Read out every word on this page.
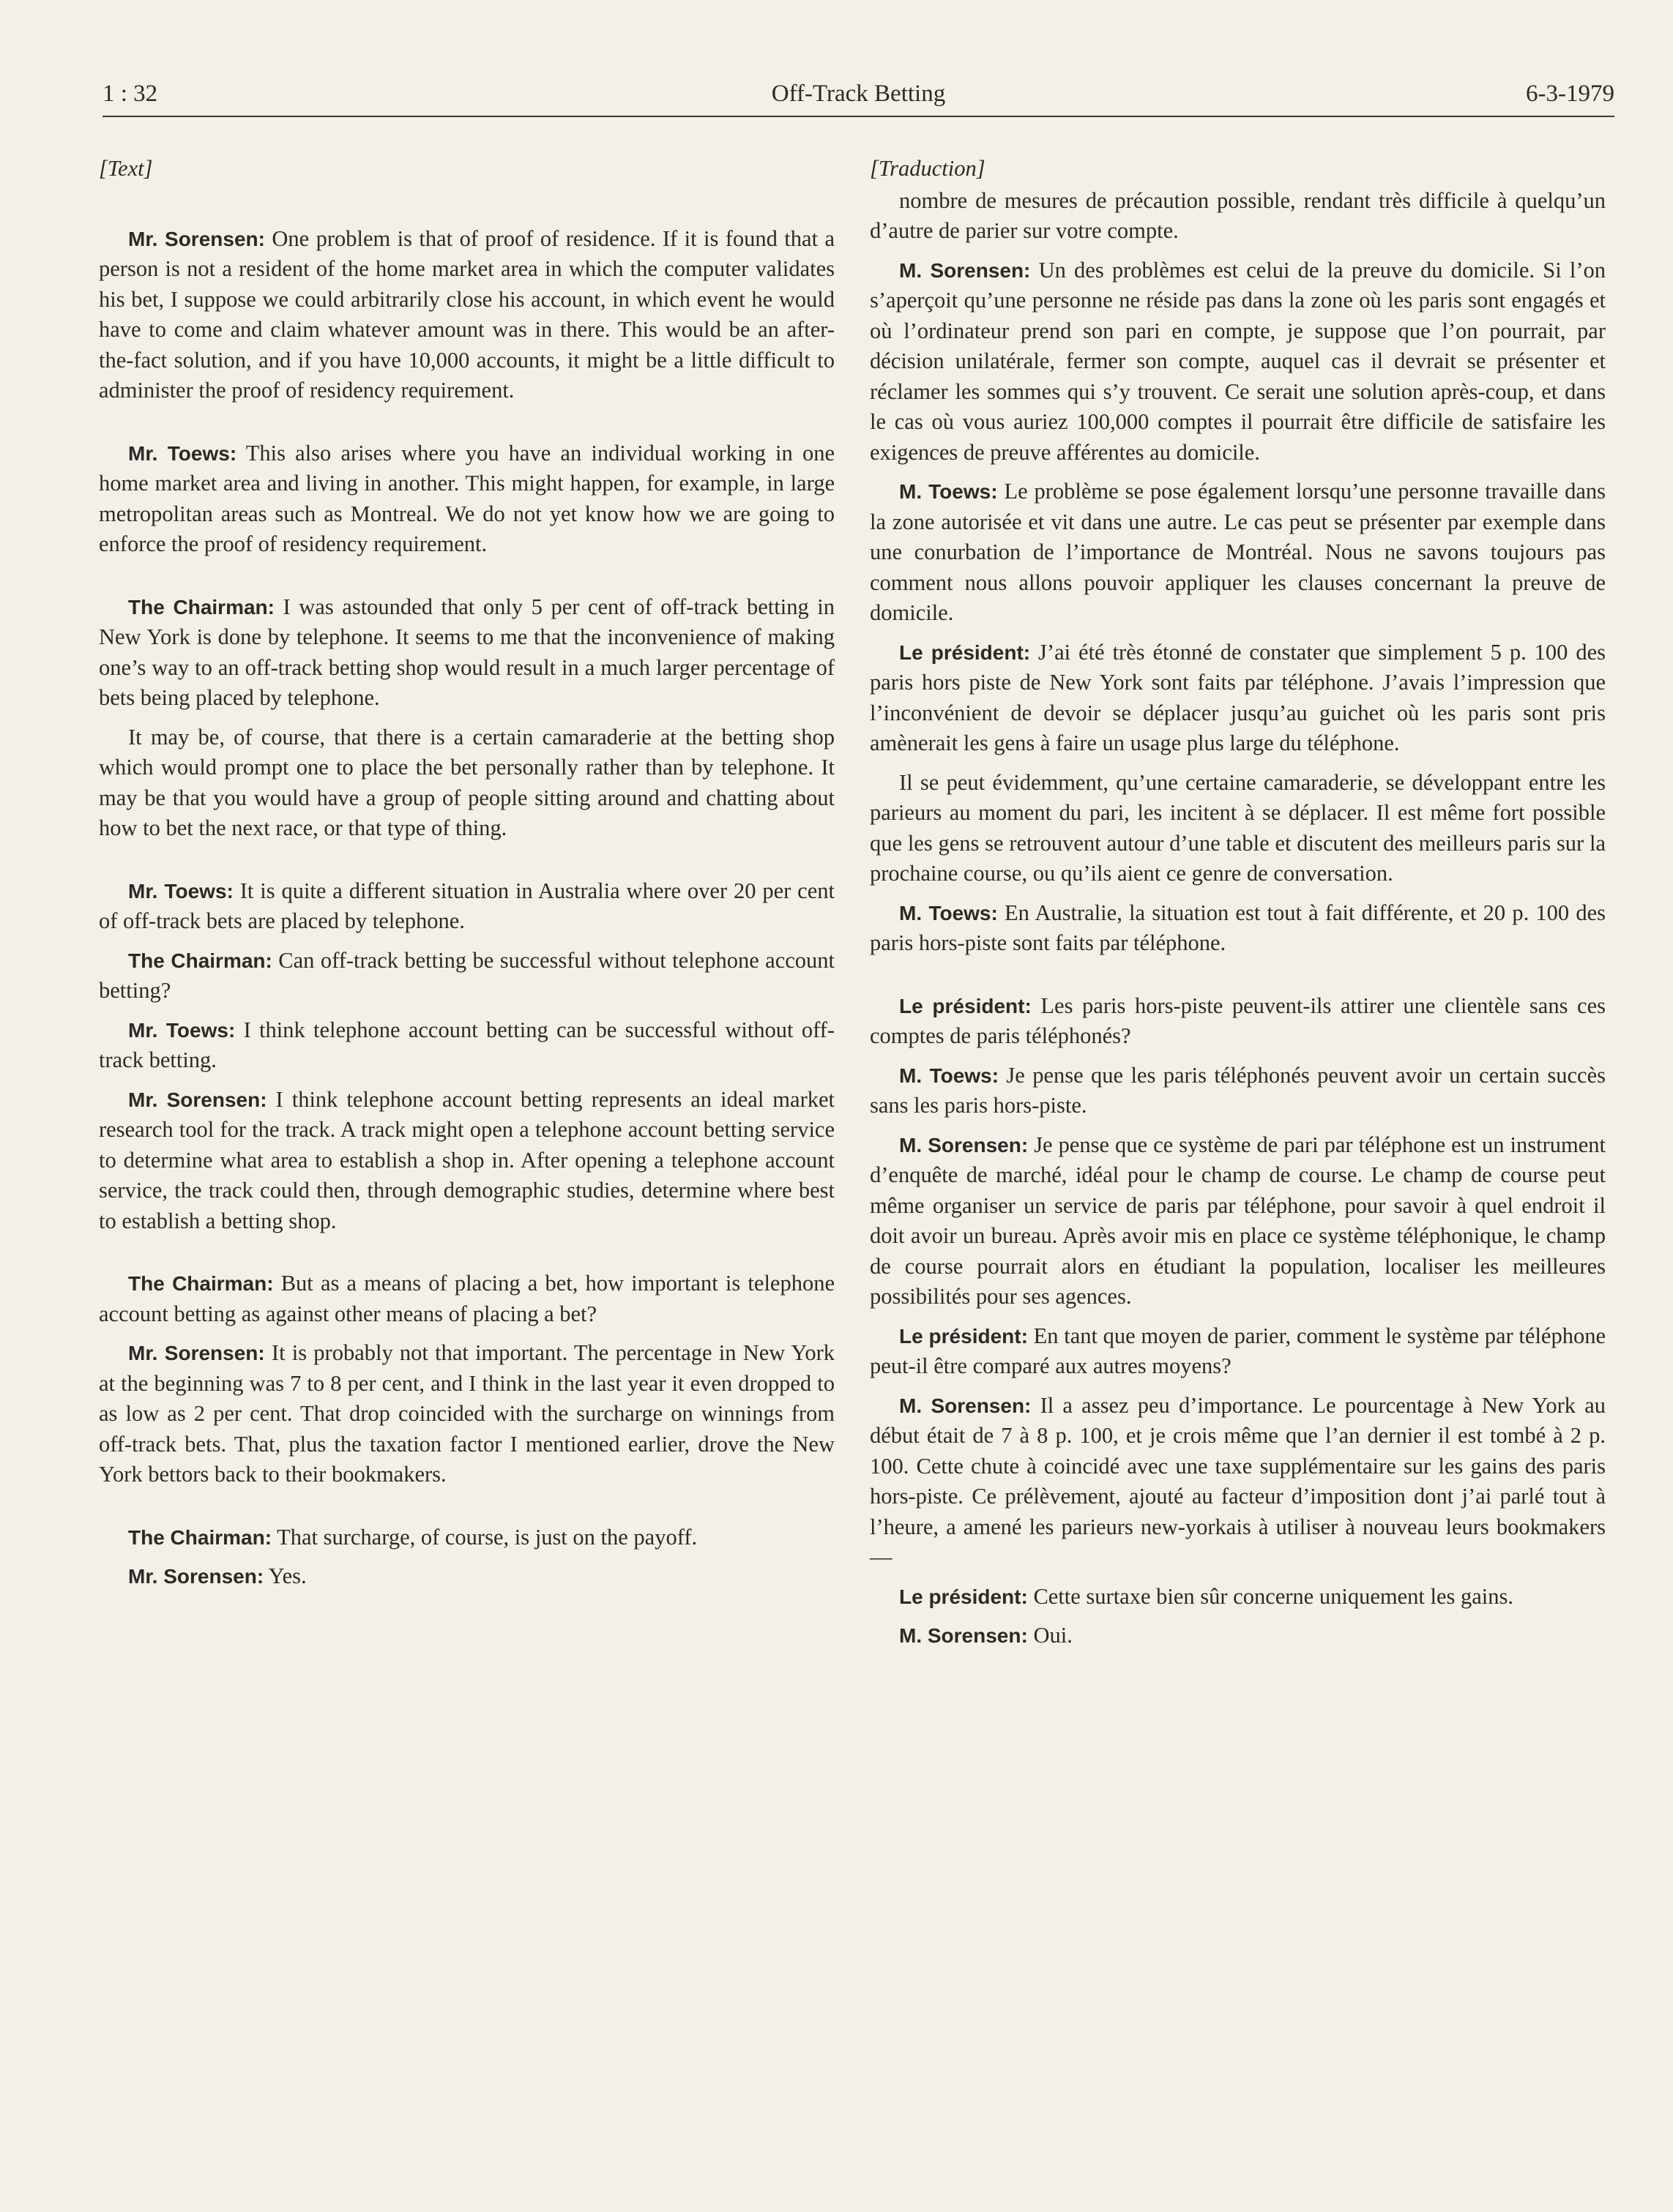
1 : 32	Off-Track Betting	6-3-1979
[Text]

Mr. Sorensen: One problem is that of proof of residence. If it is found that a person is not a resident of the home market area in which the computer validates his bet, I suppose we could arbitrarily close his account, in which event he would have to come and claim whatever amount was in there. This would be an after-the-fact solution, and if you have 10,000 accounts, it might be a little difficult to administer the proof of residency requirement.

Mr. Toews: This also arises where you have an individual working in one home market area and living in another. This might happen, for example, in large metropolitan areas such as Montreal. We do not yet know how we are going to enforce the proof of residency requirement.

The Chairman: I was astounded that only 5 per cent of off-track betting in New York is done by telephone. It seems to me that the inconvenience of making one’s way to an off-track betting shop would result in a much larger percentage of bets being placed by telephone.

It may be, of course, that there is a certain camaraderie at the betting shop which would prompt one to place the bet personally rather than by telephone. It may be that you would have a group of people sitting around and chatting about how to bet the next race, or that type of thing.

Mr. Toews: It is quite a different situation in Australia where over 20 per cent of off-track bets are placed by telephone.

The Chairman: Can off-track betting be successful without telephone account betting?

Mr. Toews: I think telephone account betting can be successful without off-track betting.

Mr. Sorensen: I think telephone account betting represents an ideal market research tool for the track. A track might open a telephone account betting service to determine what area to establish a shop in. After opening a telephone account service, the track could then, through demographic studies, determine where best to establish a betting shop.

The Chairman: But as a means of placing a bet, how important is telephone account betting as against other means of placing a bet?

Mr. Sorensen: It is probably not that important. The percentage in New York at the beginning was 7 to 8 per cent, and I think in the last year it even dropped to as low as 2 per cent. That drop coincided with the surcharge on winnings from off-track bets. That, plus the taxation factor I mentioned earlier, drove the New York bettors back to their bookmakers.

The Chairman: That surcharge, of course, is just on the payoff.

Mr. Sorensen: Yes.

[Traduction]

nombre de mesures de précaution possible, rendant très difficile à quelqu’un d’autre de parier sur votre compte.

M. Sorensen: Un des problèmes est celui de la preuve du domicile. Si l’on s’aperçoit qu’une personne ne réside pas dans la zone où les paris sont engagés et où l’ordinateur prend son pari en compte, je suppose que l’on pourrait, par décision unilatérale, fermer son compte, auquel cas il devrait se présenter et réclamer les sommes qui s’y trouvent. Ce serait une solution après-coup, et dans le cas où vous auriez 100,000 comptes il pourrait être difficile de satisfaire les exigences de preuve afférentes au domicile.

M. Toews: Le problème se pose également lorsqu’une personne travaille dans la zone autorisée et vit dans une autre. Le cas peut se présenter par exemple dans une conurbation de l’importance de Montréal. Nous ne savons toujours pas comment nous allons pouvoir appliquer les clauses concernant la preuve de domicile.

Le président: J’ai été très étonné de constater que simplement 5 p. 100 des paris hors piste de New York sont faits par téléphone. J’avais l’impression que l’inconvénient de devoir se déplacer jusqu’au guichet où les paris sont pris amènerait les gens à faire un usage plus large du téléphone.

Il se peut évidemment, qu’une certaine camaraderie, se développant entre les parieurs au moment du pari, les incitent à se déplacer. Il est même fort possible que les gens se retrouvent autour d’une table et discutent des meilleurs paris sur la prochaine course, ou qu’ils aient ce genre de conversation.

M. Toews: En Australie, la situation est tout à fait différente, et 20 p. 100 des paris hors-piste sont faits par téléphone.

Le président: Les paris hors-piste peuvent-ils attirer une clientèle sans ces comptes de paris téléphonés?

M. Toews: Je pense que les paris téléphonés peuvent avoir un certain succès sans les paris hors-piste.

M. Sorensen: Je pense que ce système de pari par téléphone est un instrument d’enquête de marché, idéal pour le champ de course. Le champ de course peut même organiser un service de paris par téléphone, pour savoir à quel endroit il doit avoir un bureau. Après avoir mis en place ce système téléphonique, le champ de course pourrait alors en étudiant la population, localiser les meilleures possibilités pour ses agences.

Le président: En tant que moyen de parier, comment le système par téléphone peut-il être comparé aux autres moyens?

M. Sorensen: Il a assez peu d’importance. Le pourcentage à New York au début était de 7 à 8 p. 100, et je crois même que l’an dernier il est tombé à 2 p. 100. Cette chute à coincidé avec une taxe supplémentaire sur les gains des paris hors-piste. Ce prélèvement, ajouté au facteur d’imposition dont j’ai parlé tout à l’heure, a amené les parieurs new-yorkais à utiliser à nouveau leurs bookmakers—

Le président: Cette surtaxe bien sûr concerne uniquement les gains.

M. Sorensen: Oui.
